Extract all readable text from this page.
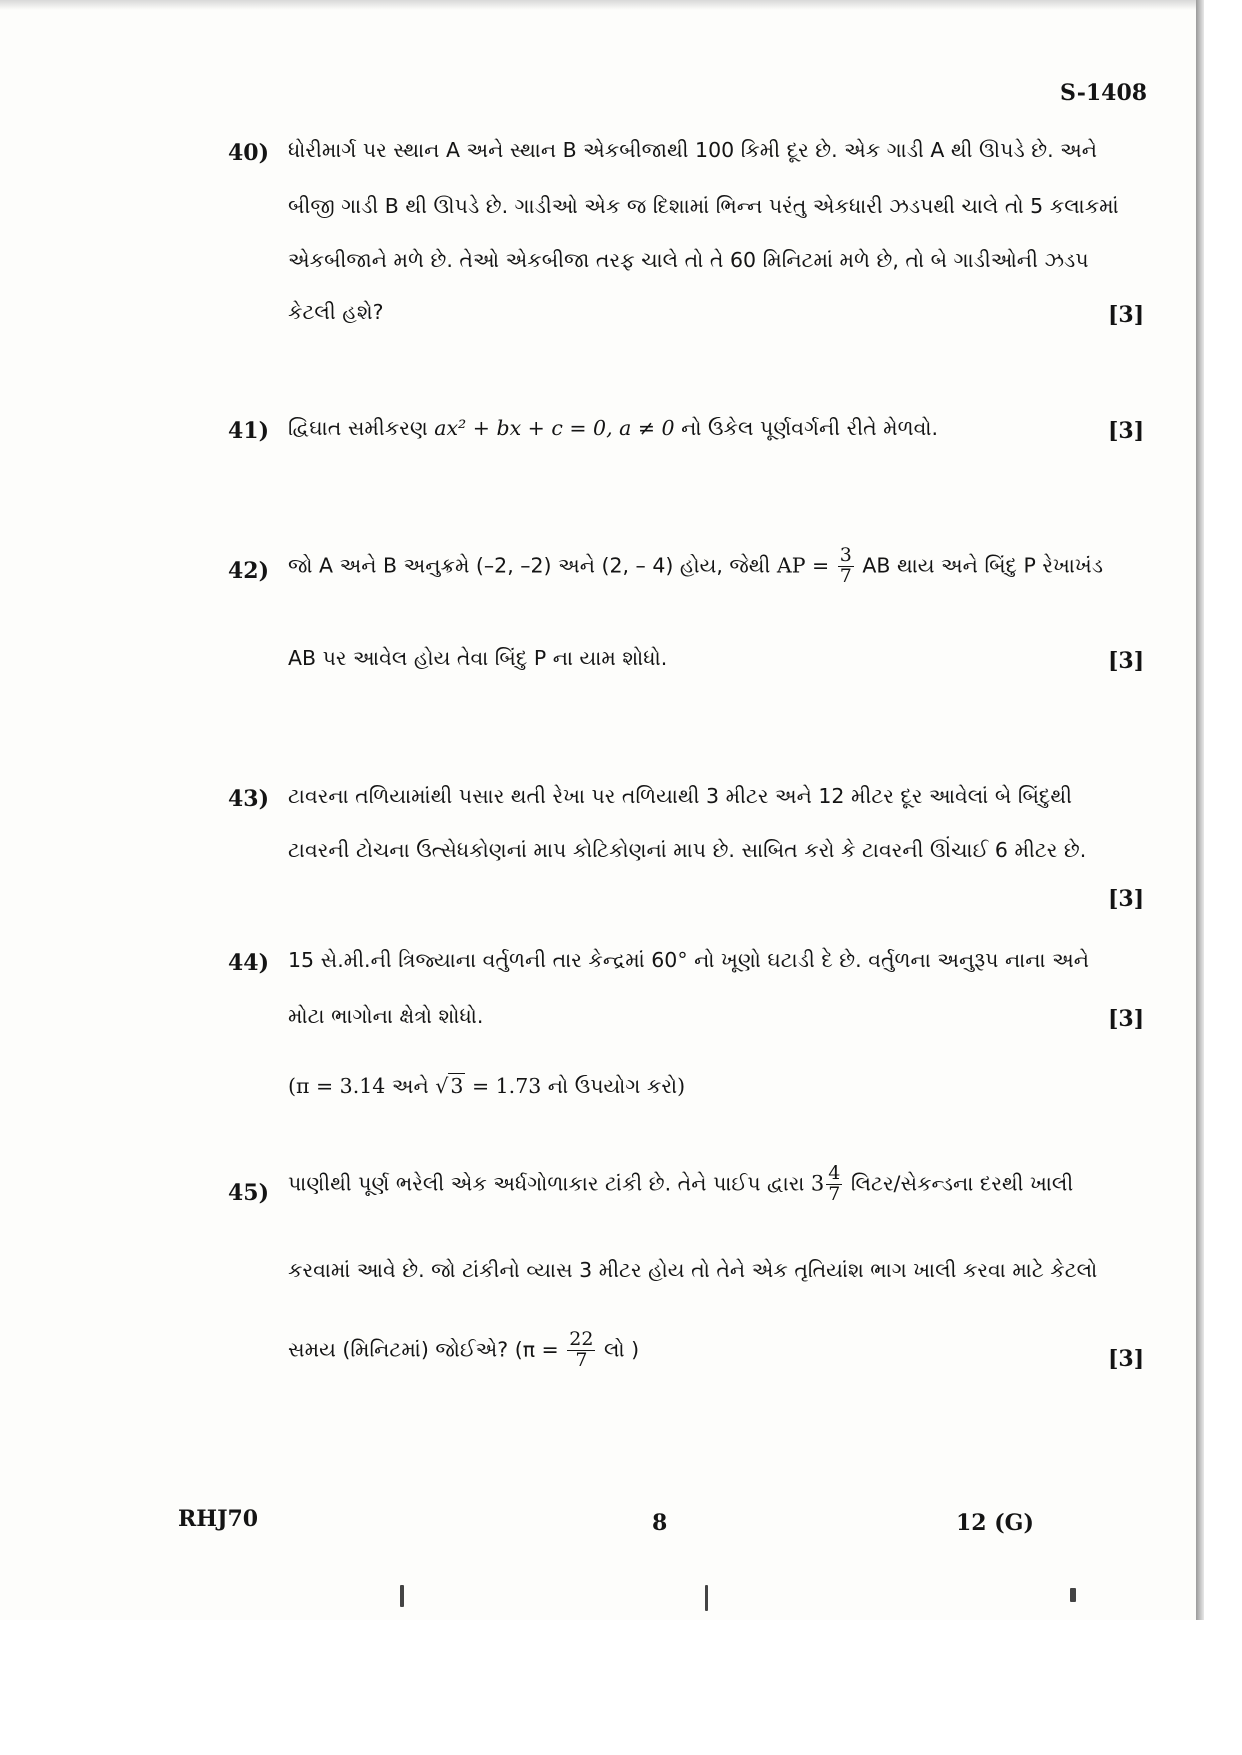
S-1408
40) ધોરીમાર્ગ પર સ્થાન A અને સ્થાન B એકબીજાથી 100 કિમી દૂર છે. એક ગાડી A થી ઊપડે છે. અને
બીજી ગાડી B થી ઊપડે છે. ગાડીઓ એક જ દિશામાં ભિન્ન પરંતુ એકધારી ઝડપથી ચાલે તો 5 કલાકમાં
એકબીજાને મળે છે. તેઓ એકબીજા તરફ ચાલે તો તે 60 મિનિટમાં મળે છે, તો બે ગાડીઓની ઝડપ
કેટલી હશે?	[3]
41) દ્વિઘાત સમીકરણ ax² + bx + c = 0, a ≠ 0 નો ઉકેલ પૂર્ણવર્ગની રીતે મેળવો.	[3]
42) જો A અને B અનુક્રમે (–2, –2) અને (2, – 4) હોય, જેથી AP = $\frac{3}{7}$ AB થાય અને બિંદુ P રેખાખંડ
AB પર આવેલ હોય તેવા બિંદુ P ના યામ શોધો.	[3]
43) ટાવરના તળિયામાંથી પસાર થતી રેખા પર તળિયાથી 3 મીટર અને 12 મીટર દૂર આવેલાં બે બિંદુથી
ટાવરની ટોચના ઉત્સેધકોણનાં માપ કોટિકોણનાં માપ છે. સાબિત કરો કે ટાવરની ઊંચાઈ 6 મીટર છે.
[3]
44) 15 સે.મી.ની ત્રિજ્યાના વર્તુળની તાર કેન્દ્રમાં 60° નો ખૂણો ઘટાડી દે છે. વર્તુળના અનુરૂપ નાના અને
મોટા ભાગોના ક્ષેત્રો શોધો.	[3]
(π = 3.14 અને √3 = 1.73 નો ઉપયોગ કરો)
45) પાણીથી પૂર્ણ ભરેલી એક અર્ધગોળાકાર ટાંકી છે. તેને પાઈપ દ્વારા $3 \frac{4}{7}$ લિટર/સેકન્ડના દરથી ખાલી
કરવામાં આવે છે. જો ટાંકીનો વ્યાસ 3 મીટર હોય તો તેને એક તૃતિયાંશ ભાગ ખાલી કરવા માટે કેટલો
સમય (મિનિટમાં) જોઈએ? ($\pi = \frac{22}{7}$ લો )	[3]
RHJ70	8	12 (G)
